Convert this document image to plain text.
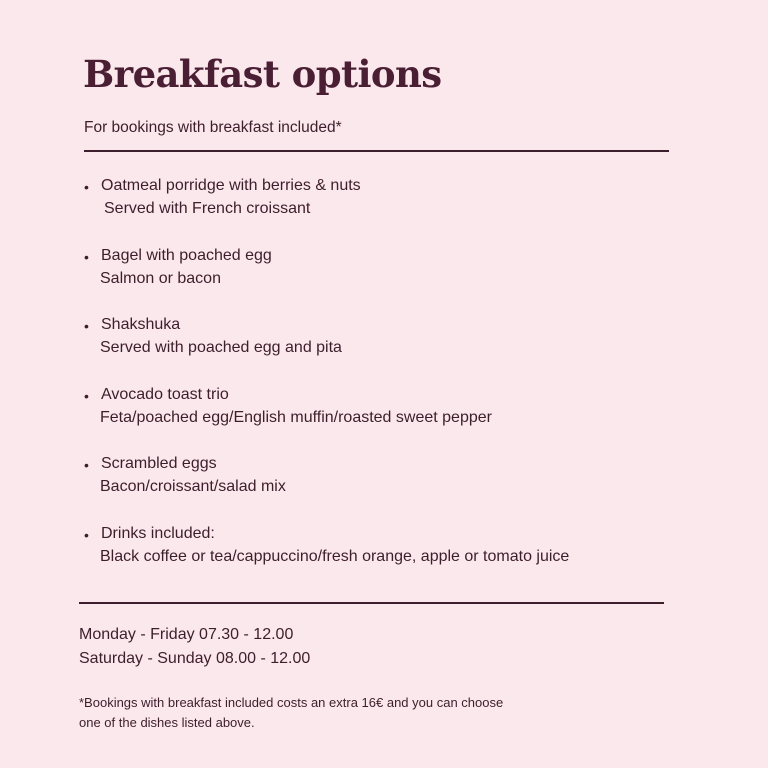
Breakfast options
For bookings with breakfast included*
• Oatmeal porridge with berries & nuts
Served with French croissant
• Bagel with poached egg
Salmon or bacon
• Shakshuka
Served with poached egg and pita
• Avocado toast trio
Feta/poached egg/English muffin/roasted sweet pepper
• Scrambled eggs
Bacon/croissant/salad mix
• Drinks included:
Black coffee or tea/cappuccino/fresh orange, apple or tomato juice
Monday - Friday 07.30 - 12.00
Saturday - Sunday 08.00 - 12.00
*Bookings with breakfast included costs an extra 16€ and you can choose
one of the dishes listed above.
